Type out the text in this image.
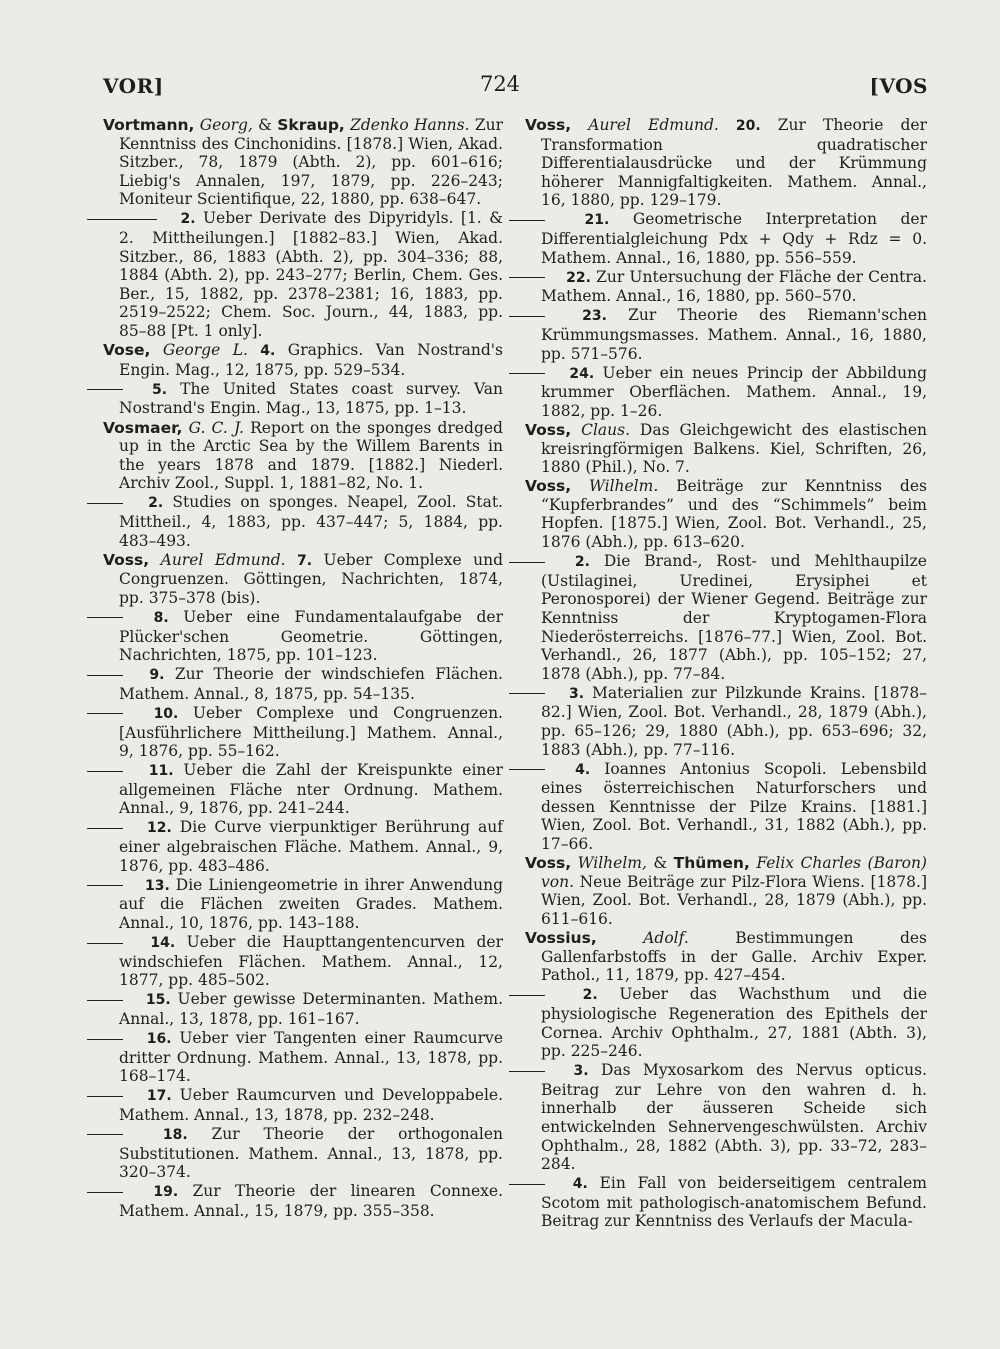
VOR]	724	[VOS

Vortmann, Georg, & Skraup, Zdenko Hanns. Zur Kenntniss des Cinchonidins. [1878.] Wien, Akad. Sitzber., 78, 1879 (Abth. 2), pp. 601–616; Liebig's Annalen, 197, 1879, pp. 226–243; Moniteur Scientifique, 22, 1880, pp. 638–647.

2. Ueber Derivate des Dipyridyls. [1. & 2. Mittheilungen.] [1882–83.] Wien, Akad. Sitzber., 86, 1883 (Abth. 2), pp. 304–336; 88, 1884 (Abth. 2), pp. 243–277; Berlin, Chem. Ges. Ber., 15, 1882, pp. 2378–2381; 16, 1883, pp. 2519–2522; Chem. Soc. Journ., 44, 1883, pp. 85–88 [Pt. 1 only].

Vose, George L. 4. Graphics. Van Nostrand's Engin. Mag., 12, 1875, pp. 529–534.

5. The United States coast survey. Van Nostrand's Engin. Mag., 13, 1875, pp. 1–13.

Vosmaer, G. C. J. Report on the sponges dredged up in the Arctic Sea by the Willem Barents in the years 1878 and 1879. [1882.] Niederl. Archiv Zool., Suppl. 1, 1881–82, No. 1.

2. Studies on sponges. Neapel, Zool. Stat. Mittheil., 4, 1883, pp. 437–447; 5, 1884, pp. 483–493.

Voss, Aurel Edmund. 7. Ueber Complexe und Congruenzen. Göttingen, Nachrichten, 1874, pp. 375–378 (bis).

8. Ueber eine Fundamentalaufgabe der Plücker'schen Geometrie. Göttingen, Nachrichten, 1875, pp. 101–123.

9. Zur Theorie der windschiefen Flächen. Mathem. Annal., 8, 1875, pp. 54–135.

10. Ueber Complexe und Congruenzen. [Ausführlichere Mittheilung.] Mathem. Annal., 9, 1876, pp. 55–162.

11. Ueber die Zahl der Kreispunkte einer allgemeinen Fläche nter Ordnung. Mathem. Annal., 9, 1876, pp. 241–244.

12. Die Curve vierpunktiger Berührung auf einer algebraischen Fläche. Mathem. Annal., 9, 1876, pp. 483–486.

13. Die Liniengeometrie in ihrer Anwendung auf die Flächen zweiten Grades. Mathem. Annal., 10, 1876, pp. 143–188.

14. Ueber die Haupttangentencurven der windschiefen Flächen. Mathem. Annal., 12, 1877, pp. 485–502.

15. Ueber gewisse Determinanten. Mathem. Annal., 13, 1878, pp. 161–167.

16. Ueber vier Tangenten einer Raumcurve dritter Ordnung. Mathem. Annal., 13, 1878, pp. 168–174.

17. Ueber Raumcurven und Developpabele. Mathem. Annal., 13, 1878, pp. 232–248.

18. Zur Theorie der orthogonalen Substitutionen. Mathem. Annal., 13, 1878, pp. 320–374.

19. Zur Theorie der linearen Connexe. Mathem. Annal., 15, 1879, pp. 355–358.

Voss, Aurel Edmund. 20. Zur Theorie der Transformation quadratischer Differentialausdrücke und der Krümmung höherer Mannigfaltigkeiten. Mathem. Annal., 16, 1880, pp. 129–179.

21. Geometrische Interpretation der Differentialgleichung Pdx + Qdy + Rdz = 0. Mathem. Annal., 16, 1880, pp. 556–559.

22. Zur Untersuchung der Fläche der Centra. Mathem. Annal., 16, 1880, pp. 560–570.

23. Zur Theorie des Riemann'schen Krümmungsmasses. Mathem. Annal., 16, 1880, pp. 571–576.

24. Ueber ein neues Princip der Abbildung krummer Oberflächen. Mathem. Annal., 19, 1882, pp. 1–26.

Voss, Claus. Das Gleichgewicht des elastischen kreisringförmigen Balkens. Kiel, Schriften, 26, 1880 (Phil.), No. 7.

Voss, Wilhelm. Beiträge zur Kenntniss des “Kupferbrandes” und des “Schimmels” beim Hopfen. [1875.] Wien, Zool. Bot. Verhandl., 25, 1876 (Abh.), pp. 613–620.

2. Die Brand-, Rost- und Mehlthaupilze (Ustilaginei, Uredinei, Erysiphei et Peronosporei) der Wiener Gegend. Beiträge zur Kenntniss der Kryptogamen-Flora Niederösterreichs. [1876–77.] Wien, Zool. Bot. Verhandl., 26, 1877 (Abh.), pp. 105–152; 27, 1878 (Abh.), pp. 77–84.

3. Materialien zur Pilzkunde Krains. [1878–82.] Wien, Zool. Bot. Verhandl., 28, 1879 (Abh.), pp. 65–126; 29, 1880 (Abh.), pp. 653–696; 32, 1883 (Abh.), pp. 77–116.

4. Ioannes Antonius Scopoli. Lebensbild eines österreichischen Naturforschers und dessen Kenntnisse der Pilze Krains. [1881.] Wien, Zool. Bot. Verhandl., 31, 1882 (Abh.), pp. 17–66.

Voss, Wilhelm, & Thümen, Felix Charles (Baron) von. Neue Beiträge zur Pilz-Flora Wiens. [1878.] Wien, Zool. Bot. Verhandl., 28, 1879 (Abh.), pp. 611–616.

Vossius,	Adolf. Bestimmungen des Gallenfarbstoffs in der Galle. Archiv Exper. Pathol., 11, 1879, pp. 427–454.

2. Ueber das Wachsthum und die physiologische Regeneration des Epithels der Cornea. Archiv Ophthalm., 27, 1881 (Abth. 3), pp. 225–246.

3. Das Myxosarkom des Nervus opticus. Beitrag zur Lehre von den wahren d. h. innerhalb der äusseren Scheide sich entwickelnden Sehnervengeschwülsten. Archiv Ophthalm., 28, 1882 (Abth. 3), pp. 33–72, 283–284.

4. Ein Fall von beiderseitigem centralem Scotom mit pathologisch-anatomischem Befund. Beitrag zur Kenntniss des Verlaufs der Macula-
